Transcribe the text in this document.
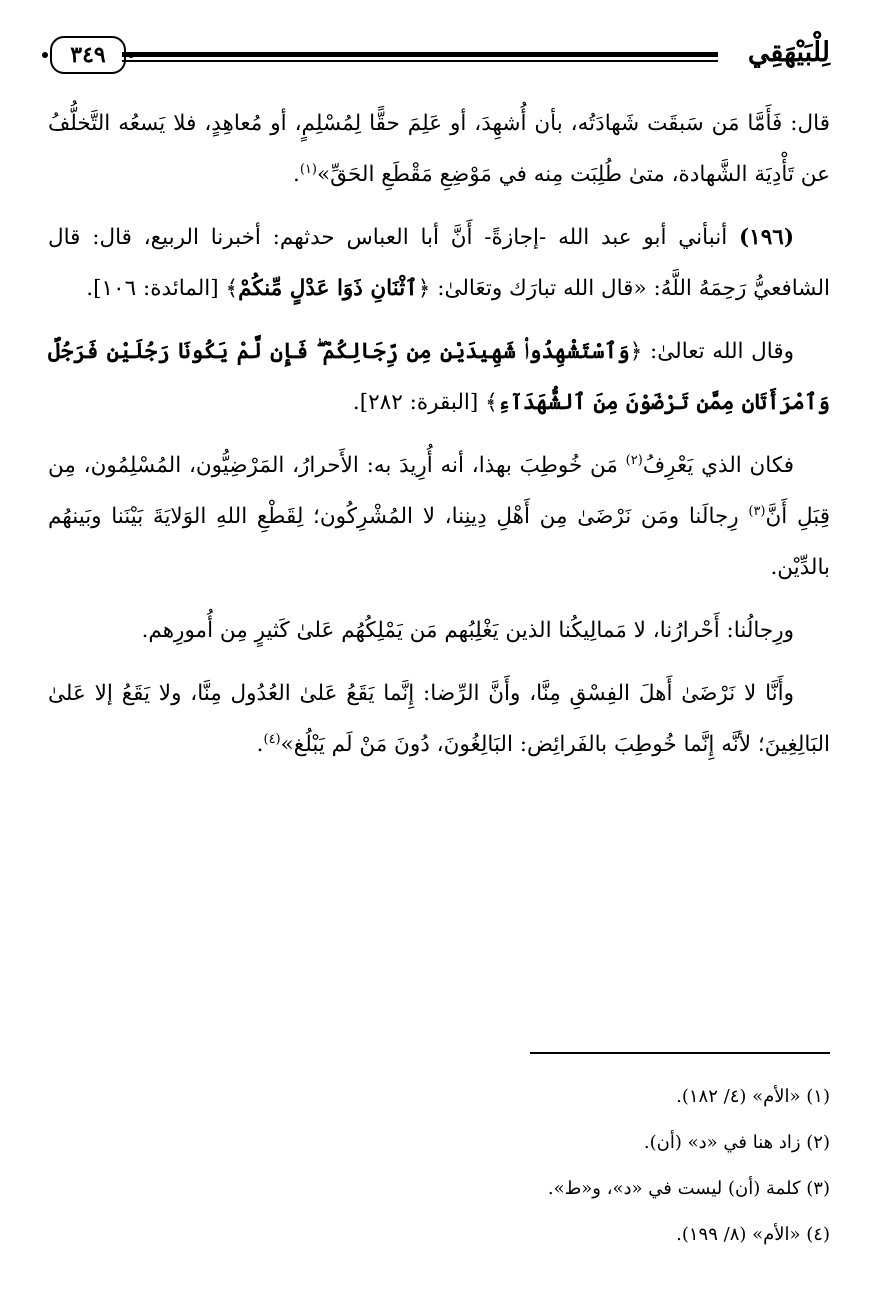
لِلْبَيْهَقِي
٣٤٩

قال: فَأَمَّا مَن سَبقَت شَهادَتُه، بأن أُشهِدَ، أو عَلِمَ حقًّا لِمُسْلِمٍ، أو مُعاهِدٍ، فلا يَسعُه التَّخلُّفُ عن تَأْدِيَة الشَّهادة، متىٰ طُلِبَت مِنه في مَوْضِعِ مَقْطَعِ الحَقِّ»$^{(١)}$.

(١٩٦) أنبأني أبو عبد الله -إجازةً- أَنَّ أبا العباس حدثهم: أخبرنا الربيع، قال: قال الشافعيُّ رَحِمَهُ اللَّهُ: «قال الله تبارَك وتعَالىٰ: ﴿ٱثْنَانِ ذَوَا عَدْلٍ مِّنكُمْ﴾ [المائدة: ١٠٦].

وقال الله تعالىٰ: ﴿وَٱسْتَشْهِدُوا۟ شَهِيدَيْنِ مِن رِّجَالِكُمْ ۖ فَإِن لَّمْ يَكُونَا رَجُلَيْنِ فَرَجُلٌ وَٱمْرَأَتَانِ مِمَّن تَرْضَوْنَ مِنَ ٱلشُّهَدَآءِ﴾ [البقرة: ٢٨٢].

فكان الذي يَعْرِفُ$^{(٢)}$ مَن خُوطِبَ بهذا، أنه أُرِيدَ به: الأَحرارُ، المَرْضِيُّون، المُسْلِمُون، مِن قِبَلِ أَنَّ$^{(٣)}$ رِجالَنا ومَن نَرْضَىٰ مِن أَهْلِ دِينِنا، لا المُشْرِكُون؛ لِقَطْعِ اللهِ الوَلايَةَ بَيْنَنا وبَينهُم بالدِّيْن.

ورِجالُنا: أَحْرارُنا، لا مَمالِيكُنا الذين يَغْلِبُهم مَن يَمْلِكُهُم عَلىٰ كَثيرٍ مِن أُمورِهم.

وأَنَّا لا نَرْضَىٰ أَهلَ الفِسْقِ مِنَّا، وأَنَّ الرِّضا: إِنَّما يَقَعُ عَلىٰ العُدُول مِنَّا، ولا يَقَعُ إلا عَلىٰ البَالِغِينَ؛ لأنَّه إِنَّما خُوطِبَ بالفَرائِض: البَالِغُونَ، دُونَ مَنْ لَم يَبْلُغ»$^{(٤)}$.

(١) «الأم» (٤/ ١٨٢).
(٢) زاد هنا في «د» (أن).
(٣) كلمة (أن) ليست في «د»، و«ط».
(٤) «الأم» (٨/ ١٩٩).
